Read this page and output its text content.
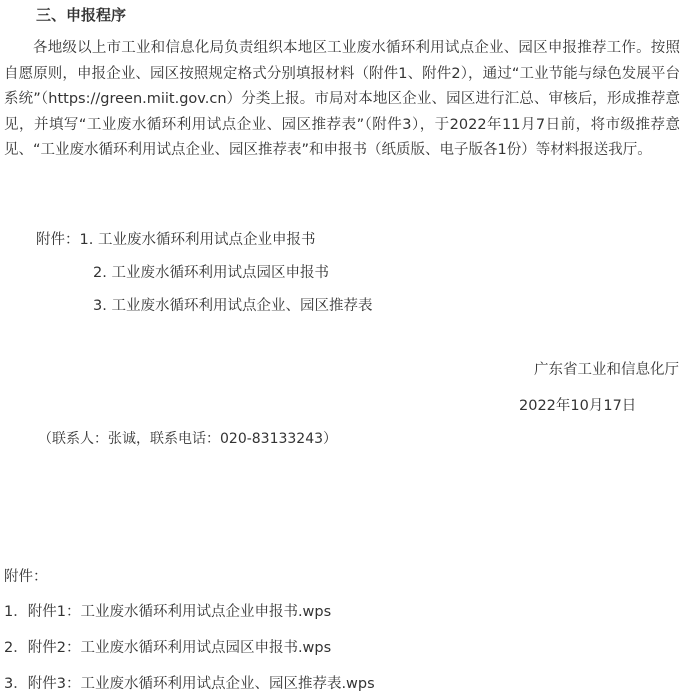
三、申报程序

各地级以上市工业和信息化局负责组织本地区工业废水循环利用试点企业、园区申报推荐工作。按照自愿原则，申报企业、园区按照规定格式分别填报材料（附件1、附件2），通过“工业节能与绿色发展平台系统”（https://green.miit.gov.cn）分类上报。市局对本地区企业、园区进行汇总、审核后，形成推荐意见，并填写“工业废水循环利用试点企业、园区推荐表”（附件3），于2022年11月7日前，将市级推荐意见、“工业废水循环利用试点企业、园区推荐表”和申报书（纸质版、电子版各1份）等材料报送我厅。

附件：1. 工业废水循环利用试点企业申报书
2. 工业废水循环利用试点园区申报书
3. 工业废水循环利用试点企业、园区推荐表
广东省工业和信息化厅
2022年10月17日
（联系人：张诚，联系电话：020-83133243）
附件：
1．附件1：工业废水循环利用试点企业申报书.wps
2．附件2：工业废水循环利用试点园区申报书.wps
3．附件3：工业废水循环利用试点企业、园区推荐表.wps
